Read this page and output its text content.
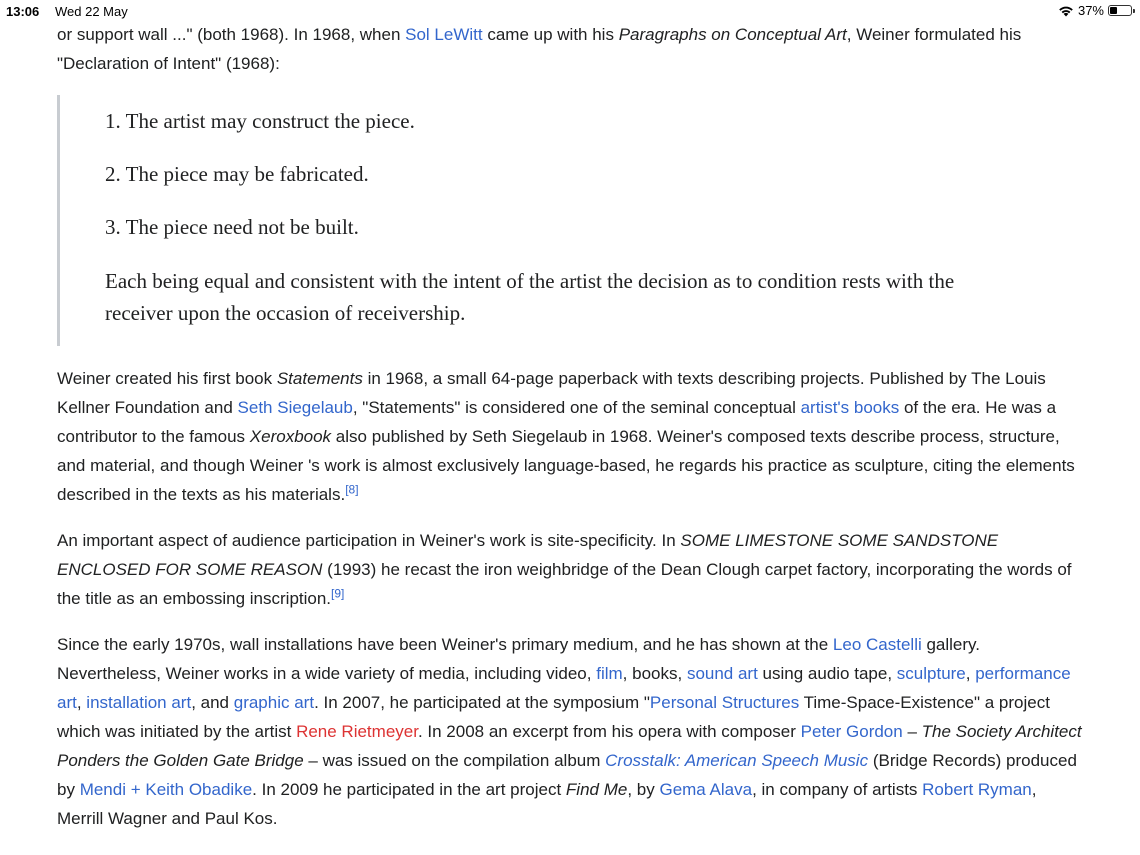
13:06 Wed 22 May	37%

or support wall ..." (both 1968). In 1968, when Sol LeWitt came up with his Paragraphs on Conceptual Art, Weiner formulated his "Declaration of Intent" (1968):

1. The artist may construct the piece.

2. The piece may be fabricated.

3. The piece need not be built.

Each being equal and consistent with the intent of the artist the decision as to condition rests with the receiver upon the occasion of receivership.

Weiner created his first book Statements in 1968, a small 64-page paperback with texts describing projects. Published by The Louis Kellner Foundation and Seth Siegelaub, "Statements" is considered one of the seminal conceptual artist's books of the era. He was a contributor to the famous Xeroxbook also published by Seth Siegelaub in 1968. Weiner's composed texts describe process, structure, and material, and though Weiner 's work is almost exclusively language-based, he regards his practice as sculpture, citing the elements described in the texts as his materials.[8]

An important aspect of audience participation in Weiner's work is site-specificity. In SOME LIMESTONE SOME SANDSTONE ENCLOSED FOR SOME REASON (1993) he recast the iron weighbridge of the Dean Clough carpet factory, incorporating the words of the title as an embossing inscription.[9]

Since the early 1970s, wall installations have been Weiner's primary medium, and he has shown at the Leo Castelli gallery. Nevertheless, Weiner works in a wide variety of media, including video, film, books, sound art using audio tape, sculpture, performance art, installation art, and graphic art. In 2007, he participated at the symposium "Personal Structures Time-Space-Existence" a project which was initiated by the artist Rene Rietmeyer. In 2008 an excerpt from his opera with composer Peter Gordon – The Society Architect Ponders the Golden Gate Bridge – was issued on the compilation album Crosstalk: American Speech Music (Bridge Records) produced by Mendi + Keith Obadike. In 2009 he participated in the art project Find Me, by Gema Alava, in company of artists Robert Ryman, Merrill Wagner and Paul Kos.
